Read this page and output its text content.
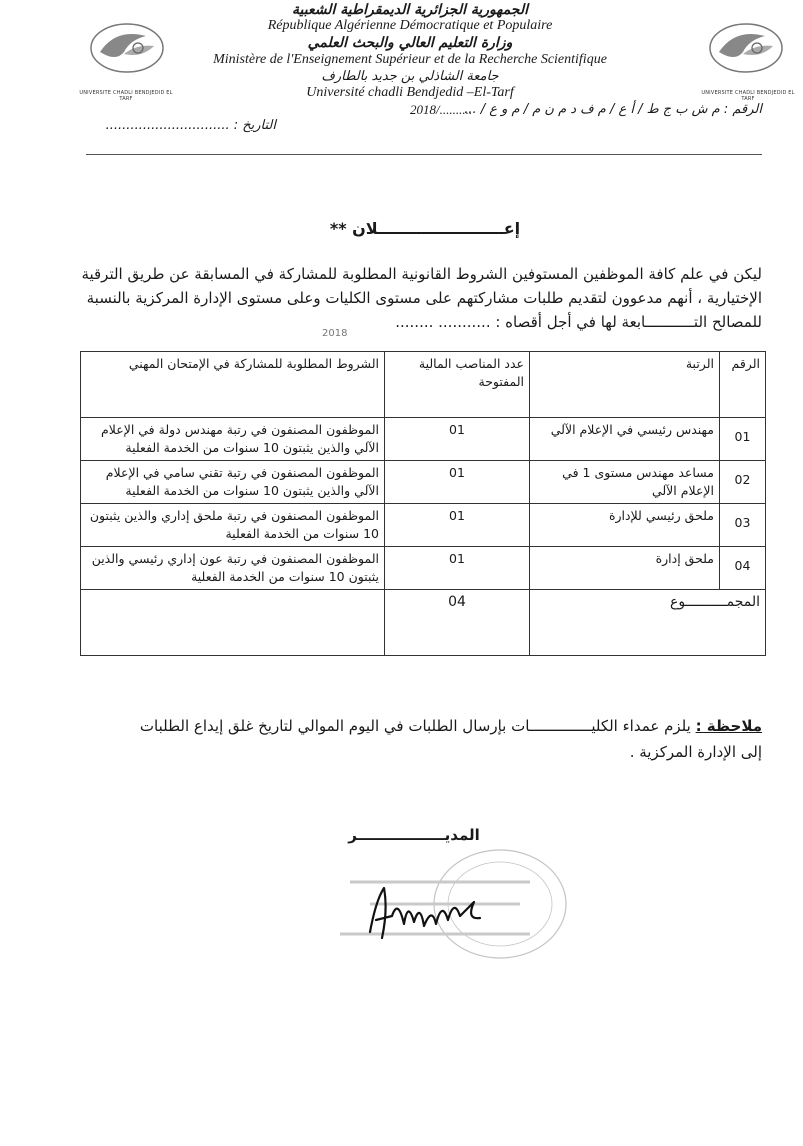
UNIVERSITE CHADLI BENDJEDID EL TARF
UNIVERSITE CHADLI BENDJEDID EL TARF
الجمهورية الجزائرية الديمقراطية الشعبية
République Algérienne Démocratique et Populaire
وزارة التعليم العالي والبحث العلمي
Ministère de l'Enseignement Supérieur et de la Recherche Scientifique
جامعة الشاذلي بن جديد بالطارف
Université chadli Bendjedid –El-Tarf
2018/..........
الرقم : م ش ب ج ط / أ ع / م ف د م ن م / م و ع / ...
التاريخ : ..............................
إعـــــــــــــــــــــــلان **
ليكن في علم كافة الموظفين المستوفين الشروط القانونية المطلوبة للمشاركة في المسابقة عن طريق الترقية
الإختيارية ، أنهم مدعوون لتقديم طلبات مشاركتهم على مستوى الكليات وعلى مستوى الإدارة المركزية بالنسبة
للمصالح التـــــــــــابعة لها في أجل أقصاه : ........... ........
2018
الرقم	الرتبة	عدد المناصب المالية المفتوحة	الشروط المطلوبة للمشاركة في الإمتحان المهني
01	مهندس رئيسي في الإعلام الآلي	01	الموظفون المصنفون في رتبة مهندس دولة في الإعلام الآلي والذين يثبتون 10 سنوات من الخدمة الفعلية
02	مساعد مهندس مستوى 1 في الإعلام الآلي	01	الموظفون المصنفون في رتبة تقني سامي في الإعلام الآلي والذين يثبتون 10 سنوات من الخدمة الفعلية
03	ملحق رئيسي للإدارة	01	الموظفون المصنفون في رتبة ملحق إداري والذين يثبتون 10 سنوات من الخدمة الفعلية
04	ملحق إدارة	01	الموظفون المصنفون في رتبة عون إداري رئيسي والذين يثبتون 10 سنوات من الخدمة الفعلية
المجمــــــــــوع		04	
ملاحظة : يلزم عمداء الكليــــــــــــــات بإرسال الطلبات في اليوم الموالي لتاريخ غلق إيداع الطلبات
إلى الإدارة المركزية .
المديـــــــــــــــــر
